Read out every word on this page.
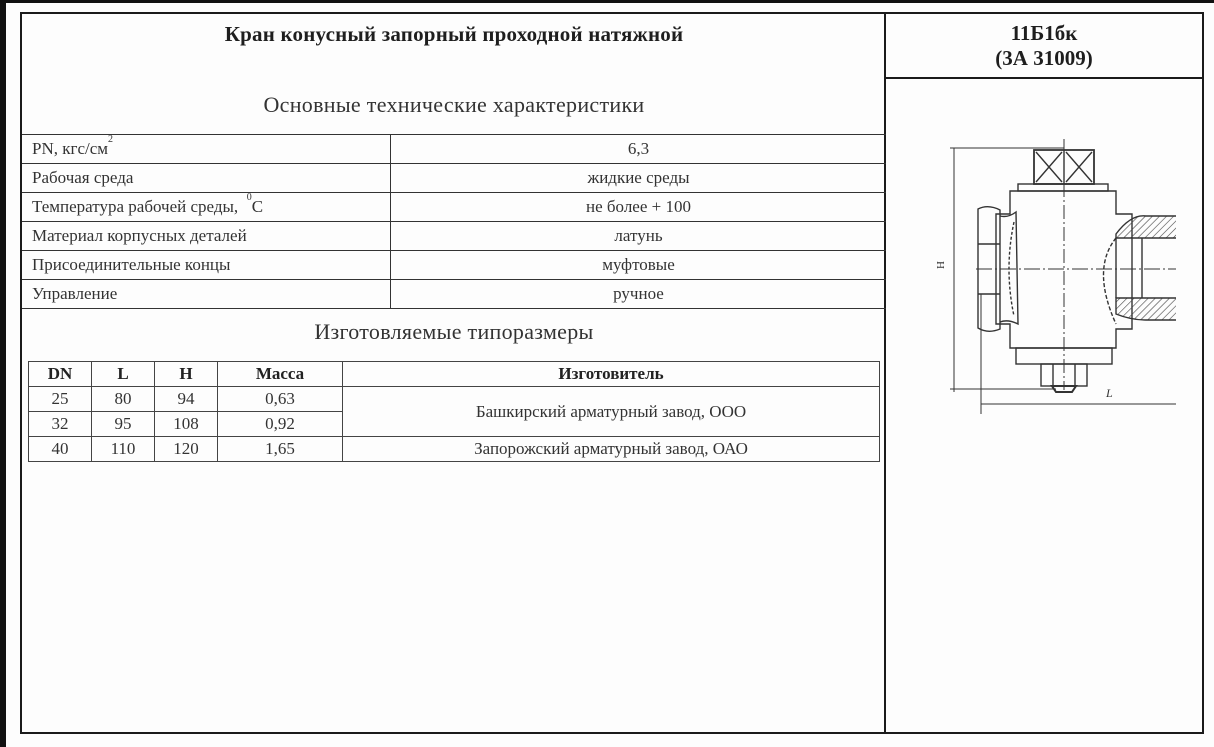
Кран конусный запорный проходной натяжной
Основные технические характеристики
PN, кгс/$см^2$	6,3
Рабочая среда	жидкие среды
Температура рабочей среды,  $^0$С	не более + 100
Материал корпусных деталей	латунь
Присоединительные концы	муфтовые
Управление	ручное
Изготовляемые типоразмеры
DN	L	H	Масса	Изготовитель
25	80	94	0,63	Башкирский арматурный завод, ООО
32	95	108	0,92	
40	110	120	1,65	Запорожский арматурный завод, ОАО
11Б1бк
(3А 31009)
H
L
